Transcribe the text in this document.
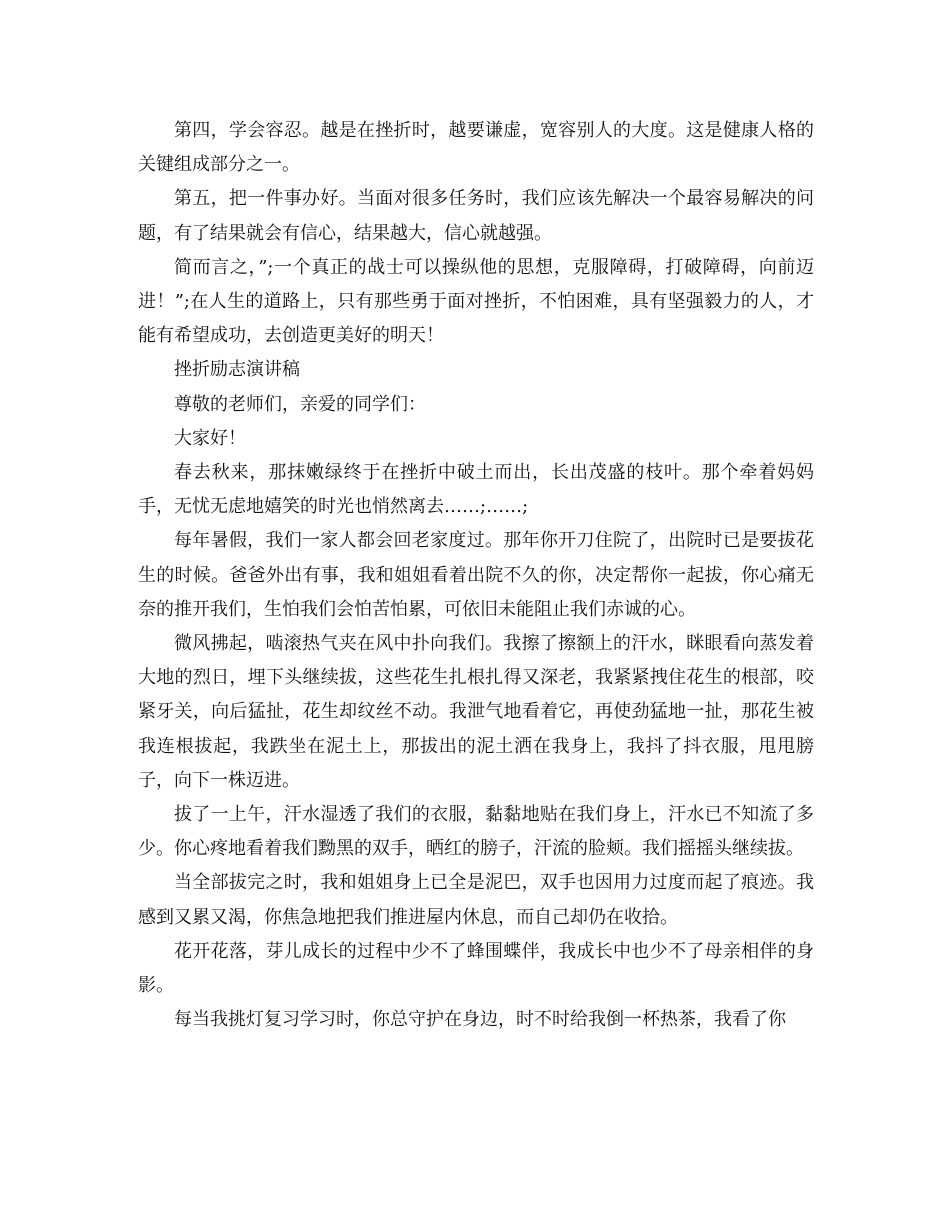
第四，学会容忍。越是在挫折时，越要谦虚，宽容别人的大度。这是健康人格的关键组成部分之一。

第五，把一件事办好。当面对很多任务时，我们应该先解决一个最容易解决的问题，有了结果就会有信心，结果越大，信心就越强。

简而言之，”;一个真正的战士可以操纵他的思想，克服障碍，打破障碍，向前迈进！”;在人生的道路上，只有那些勇于面对挫折，不怕困难，具有坚强毅力的人，才能有希望成功，去创造更美好的明天！

挫折励志演讲稿

尊敬的老师们，亲爱的同学们：

大家好！

春去秋来，那抹嫩绿终于在挫折中破土而出，长出茂盛的枝叶。那个牵着妈妈手，无忧无虑地嬉笑的时光也悄然离去……;……;

每年暑假，我们一家人都会回老家度过。那年你开刀住院了，出院时已是要拔花生的时候。爸爸外出有事，我和姐姐看着出院不久的你，决定帮你一起拔，你心痛无奈的推开我们，生怕我们会怕苦怕累，可依旧未能阻止我们赤诚的心。

微风拂起，啮滚热气夹在风中扑向我们。我擦了擦额上的汗水，眯眼看向蒸发着大地的烈日，埋下头继续拔，这些花生扎根扎得又深老，我紧紧拽住花生的根部，咬紧牙关，向后猛扯，花生却纹丝不动。我泄气地看着它，再使劲猛地一扯，那花生被我连根拔起，我跌坐在泥土上，那拔出的泥土洒在我身上，我抖了抖衣服，甩甩膀子，向下一株迈进。

拔了一上午，汗水湿透了我们的衣服，黏黏地贴在我们身上，汗水已不知流了多少。你心疼地看着我们黝黑的双手，晒红的膀子，汗流的脸颊。我们摇摇头继续拔。

当全部拔完之时，我和姐姐身上已全是泥巴，双手也因用力过度而起了痕迹。我感到又累又渴，你焦急地把我们推进屋内休息，而自己却仍在收拾。

花开花落，芽儿成长的过程中少不了蜂围蝶伴，我成长中也少不了母亲相伴的身影。

每当我挑灯复习学习时，你总守护在身边，时不时给我倒一杯热茶，我看了你
